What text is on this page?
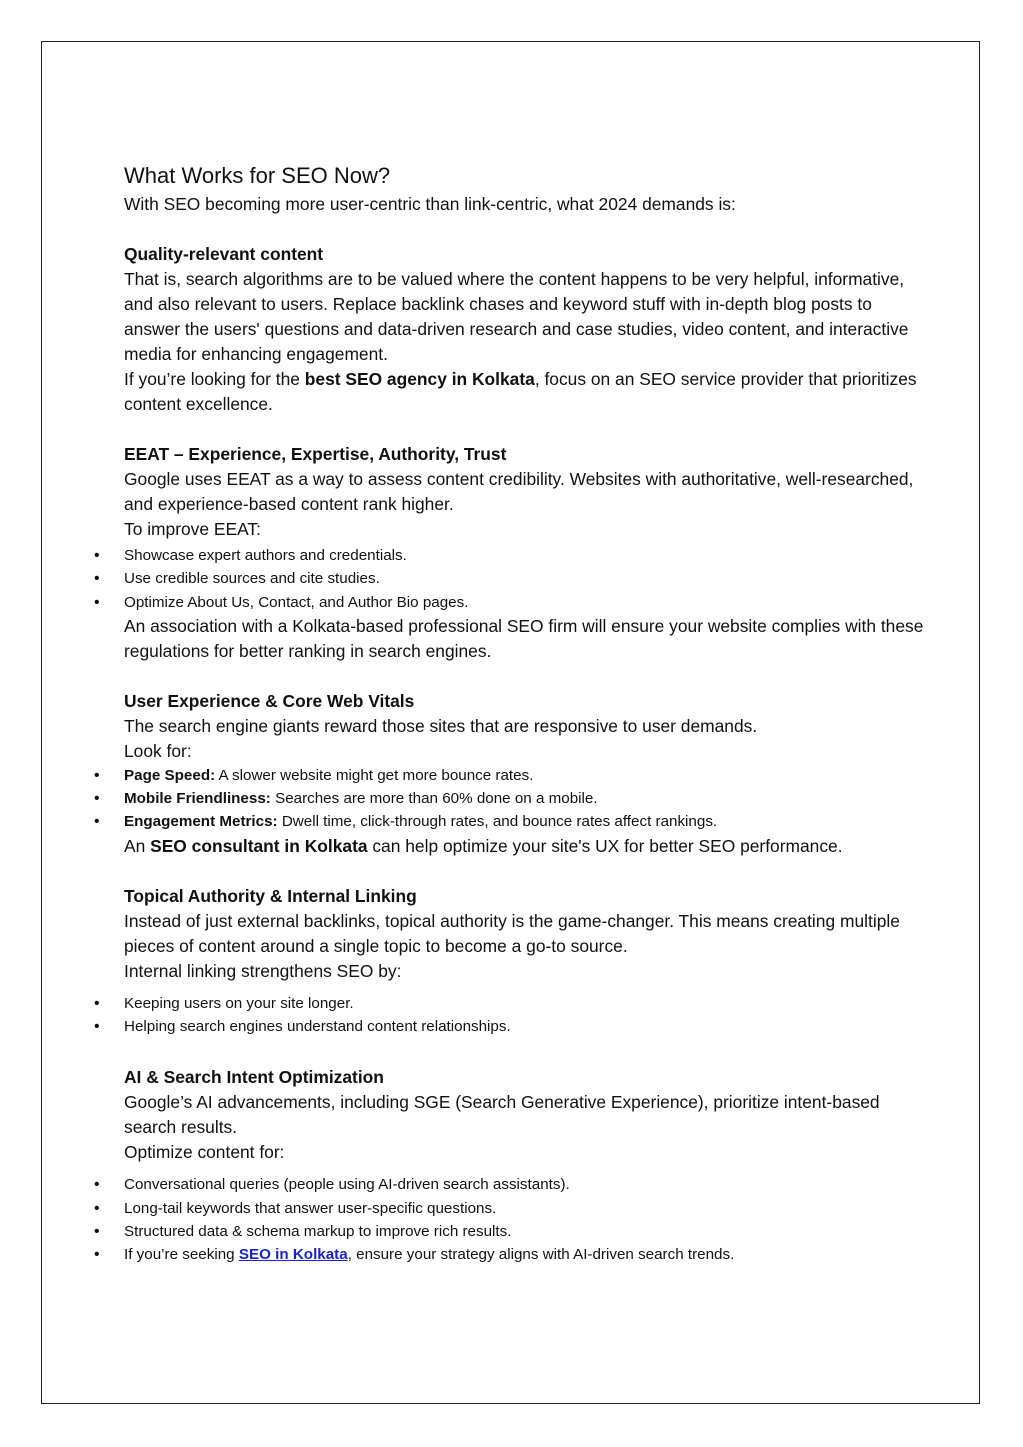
What Works for SEO Now?

With SEO becoming more user-centric than link-centric, what 2024 demands is:

Quality-relevant content

That is, search algorithms are to be valued where the content happens to be very helpful, informative, and also relevant to users. Replace backlink chases and keyword stuff with in-depth blog posts to answer the users' questions and data-driven research and case studies, video content, and interactive media for enhancing engagement.

If you’re looking for the best SEO agency in Kolkata, focus on an SEO service provider that prioritizes content excellence.

EEAT – Experience, Expertise, Authority, Trust

Google uses EEAT as a way to assess content credibility. Websites with authoritative, well-researched, and experience-based content rank higher.

To improve EEAT:

• Showcase expert authors and credentials.
• Use credible sources and cite studies.
• Optimize About Us, Contact, and Author Bio pages.

An association with a Kolkata-based professional SEO firm will ensure your website complies with these regulations for better ranking in search engines.

User Experience & Core Web Vitals

The search engine giants reward those sites that are responsive to user demands.

Look for:

• Page Speed: A slower website might get more bounce rates.
• Mobile Friendliness: Searches are more than 60% done on a mobile.
• Engagement Metrics: Dwell time, click-through rates, and bounce rates affect rankings.

An SEO consultant in Kolkata can help optimize your site's UX for better SEO performance.

Topical Authority & Internal Linking

Instead of just external backlinks, topical authority is the game-changer. This means creating multiple pieces of content around a single topic to become a go-to source.

Internal linking strengthens SEO by:

• Keeping users on your site longer.
• Helping search engines understand content relationships.

AI & Search Intent Optimization

Google’s AI advancements, including SGE (Search Generative Experience), prioritize intent-based search results.

Optimize content for:

• Conversational queries (people using AI-driven search assistants).
• Long-tail keywords that answer user-specific questions.
• Structured data & schema markup to improve rich results.
• If you’re seeking SEO in Kolkata, ensure your strategy aligns with AI-driven search trends.
